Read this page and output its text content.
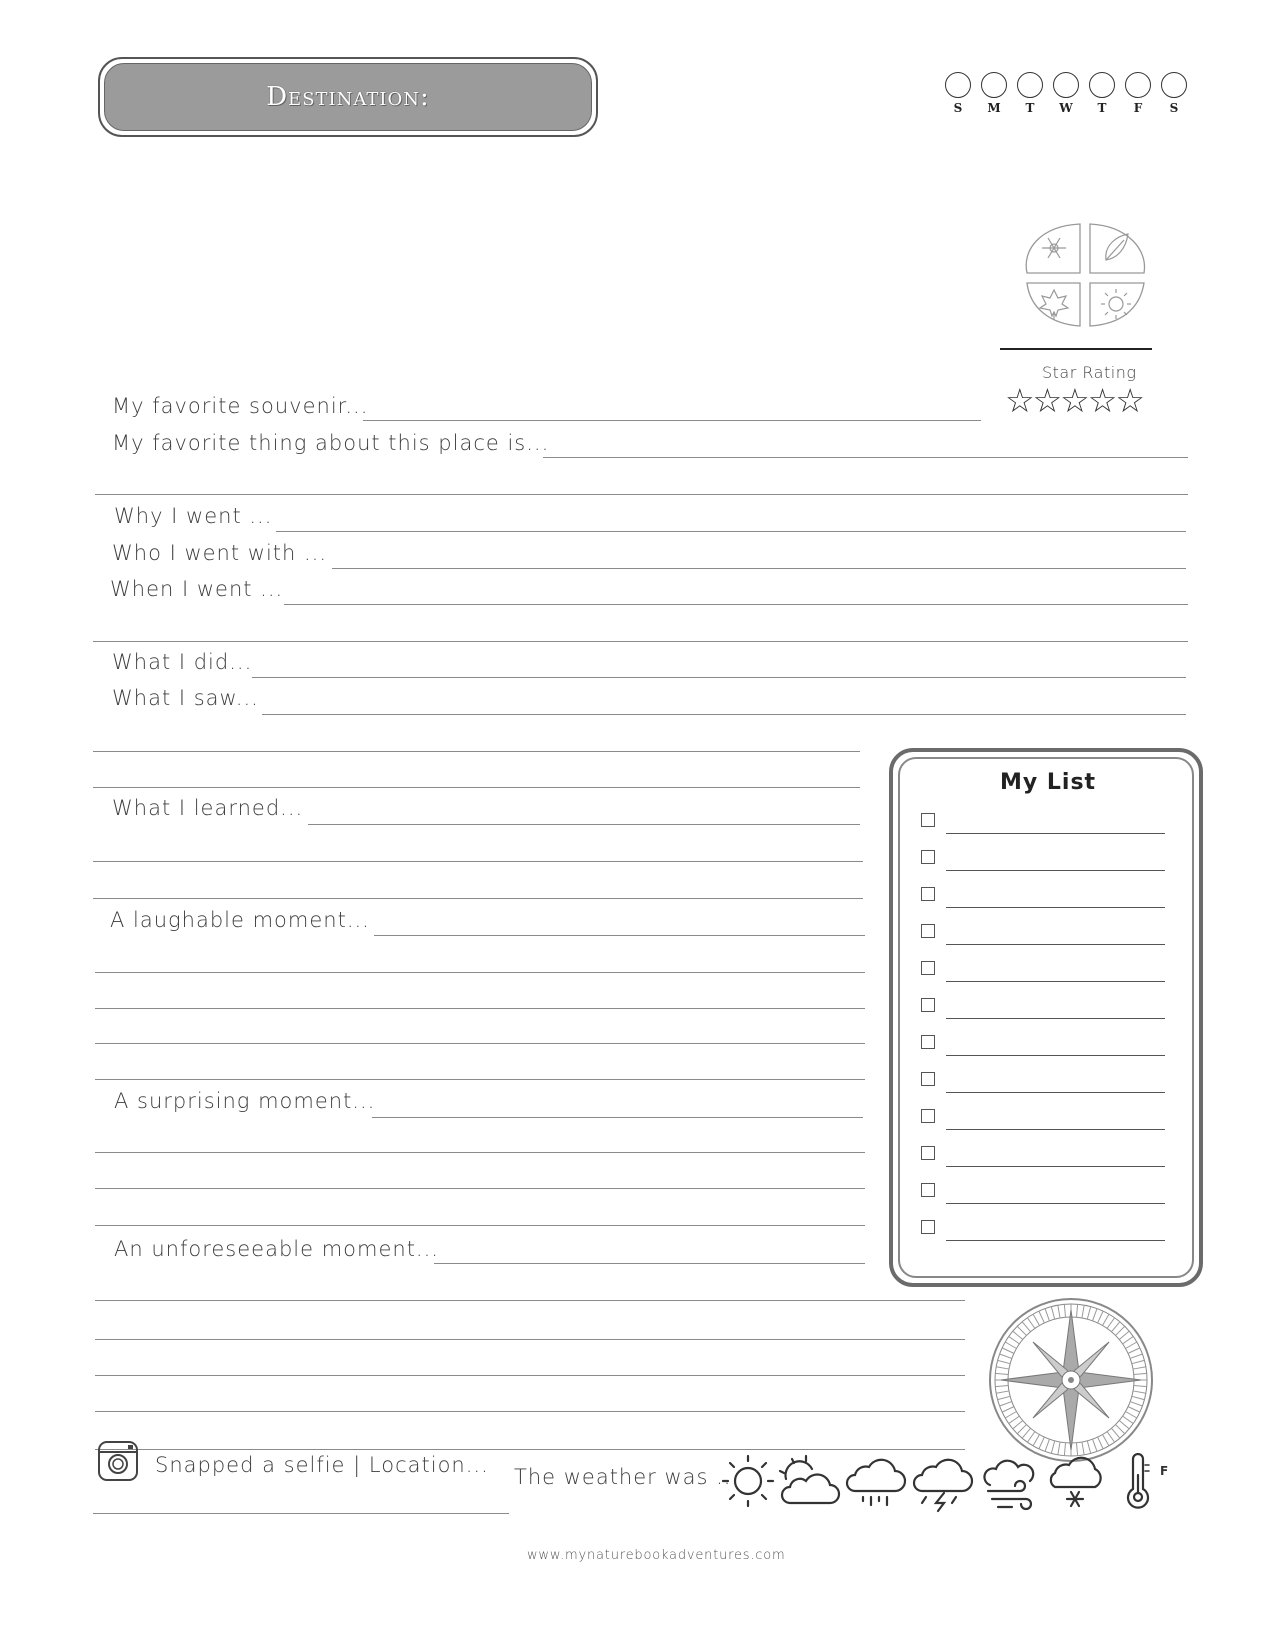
Destination:	S	M	T	W	T	F	S
Star Rating
☆☆☆☆☆
My favorite souvenir...
My favorite thing about this place is...
Why I went ...
Who I went with ...
When I went ...
What I did...
What I saw...
What I learned...
A laughable moment...
A surprising moment...
An unforeseeable moment...
My List
Snapped a selfie | Location... The weather was ...	F
www.mynaturebookadventures.com
